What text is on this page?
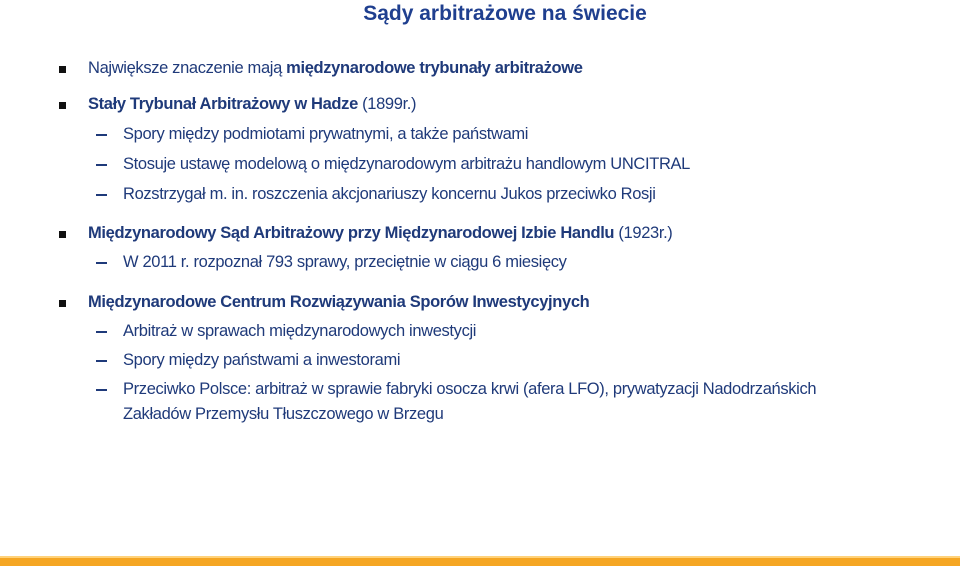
Sądy arbitrażowe na świecie
Największe znaczenie mają międzynarodowe trybunały arbitrażowe
Stały Trybunał Arbitrażowy w Hadze (1899r.)
Spory między podmiotami prywatnymi, a także państwami
Stosuje ustawę modelową o międzynarodowym arbitrażu handlowym UNCITRAL
Rozstrzygał m. in. roszczenia akcjonariuszy koncernu Jukos przeciwko Rosji
Międzynarodowy Sąd Arbitrażowy przy Międzynarodowej Izbie Handlu (1923r.)
W 2011 r. rozpoznał 793 sprawy, przeciętnie w ciągu 6 miesięcy
Międzynarodowe Centrum Rozwiązywania Sporów Inwestycyjnych
Arbitraż w sprawach międzynarodowych inwestycji
Spory między państwami a inwestorami
Przeciwko Polsce: arbitraż w sprawie fabryki osocza krwi (afera LFO), prywatyzacji Nadodrzańskich
Zakładów Przemysłu Tłuszczowego w Brzegu
